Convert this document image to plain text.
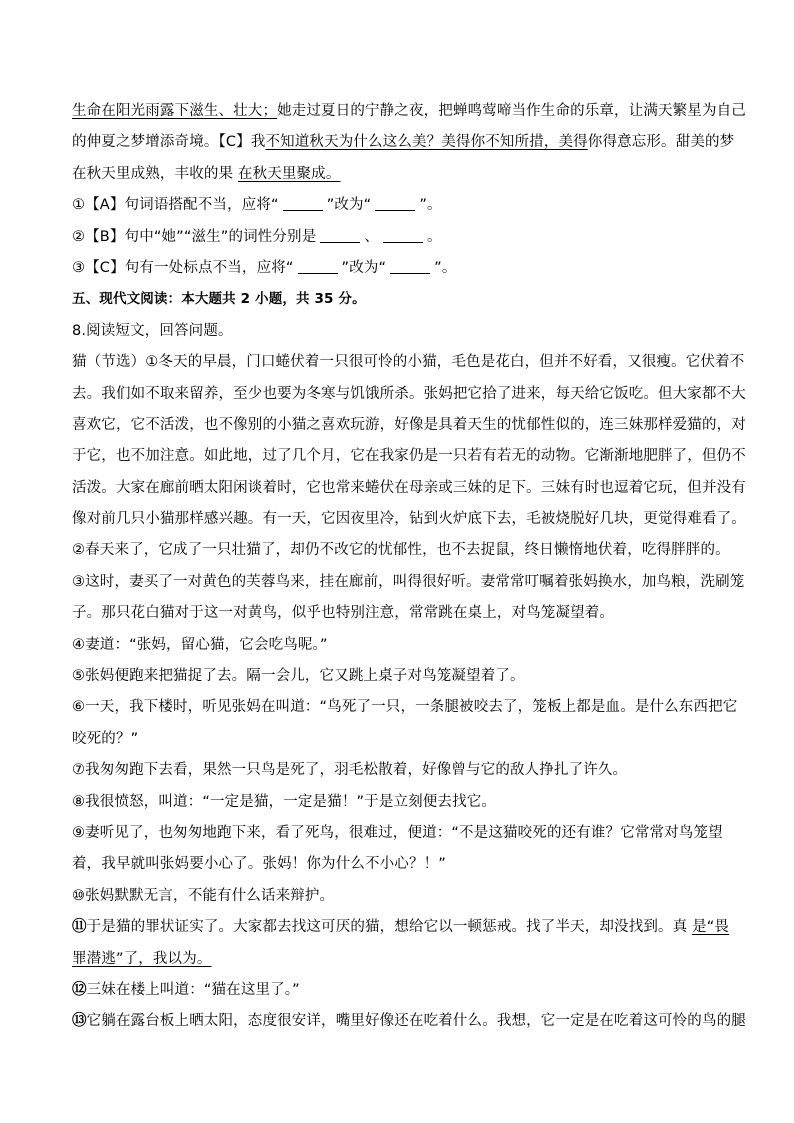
生命在阳光雨露下滋生、壮大；她走过夏日的宁静之夜，把蝉鸣莺啼当作生命的乐章，让满天繁星为自己
的伸夏之梦增添奇境。【C】我不知道秋天为什么这么美？美得你不知所措，美得你得意忘形。甜美的梦
在秋天里成熟，丰收的果 在秋天里聚成。
①【A】句词语搭配不当，应将“	”改为“	”。
②【B】句中“她”“滋生”的词性分别是	、	。
③【C】句有一处标点不当，应将“	”改为“	”。
五、现代文阅读：本大题共 2 小题，共 35 分。
8.阅读短文，回答问题。
猫（节选）①冬天的早晨，门口蜷伏着一只很可怜的小猫，毛色是花白，但并不好看，又很瘦。它伏着不
去。我们如不取来留养，至少也要为冬寒与饥饿所杀。张妈把它拾了进来，每天给它饭吃。但大家都不大
喜欢它，它不活泼，也不像别的小猫之喜欢玩游，好像是具着天生的忧郁性似的，连三妹那样爱猫的，对
于它，也不加注意。如此地，过了几个月，它在我家仍是一只若有若无的动物。它渐渐地肥胖了，但仍不
活泼。大家在廊前晒太阳闲谈着时，它也常来蜷伏在母亲或三妹的足下。三妹有时也逗着它玩，但并没有
像对前几只小猫那样感兴趣。有一天，它因夜里冷，钻到火炉底下去，毛被烧脱好几块，更觉得难看了。
②春天来了，它成了一只壮猫了，却仍不改它的忧郁性，也不去捉鼠，终日懒惰地伏着，吃得胖胖的。
③这时，妻买了一对黄色的芙蓉鸟来，挂在廊前，叫得很好听。妻常常叮嘱着张妈换水，加鸟粮，洗刷笼
子。那只花白猫对于这一对黄鸟，似乎也特别注意，常常跳在桌上，对鸟笼凝望着。
④妻道：“张妈，留心猫，它会吃鸟呢。”
⑤张妈便跑来把猫捉了去。隔一会儿，它又跳上桌子对鸟笼凝望着了。
⑥一天，我下楼时，听见张妈在叫道：“鸟死了一只，一条腿被咬去了，笼板上都是血。是什么东西把它
咬死的？”
⑦我匆匆跑下去看，果然一只鸟是死了，羽毛松散着，好像曾与它的敌人挣扎了许久。
⑧我很愤怒，叫道：“一定是猫，一定是猫！”于是立刻便去找它。
⑨妻听见了，也匆匆地跑下来，看了死鸟，很难过，便道：“不是这猫咬死的还有谁？它常常对鸟笼望
着，我早就叫张妈要小心了。张妈！你为什么不小心？！”
⑩张妈默默无言，不能有什么话来辩护。
⑪于是猫的罪状证实了。大家都去找这可厌的猫，想给它以一顿惩戒。找了半天，却没找到。真 是“畏
罪潜逃”了，我以为。
⑫三妹在楼上叫道：“猫在这里了。”
⑬它躺在露台板上晒太阳，态度很安详，嘴里好像还在吃着什么。我想，它一定是在吃着这可怜的鸟的腿
